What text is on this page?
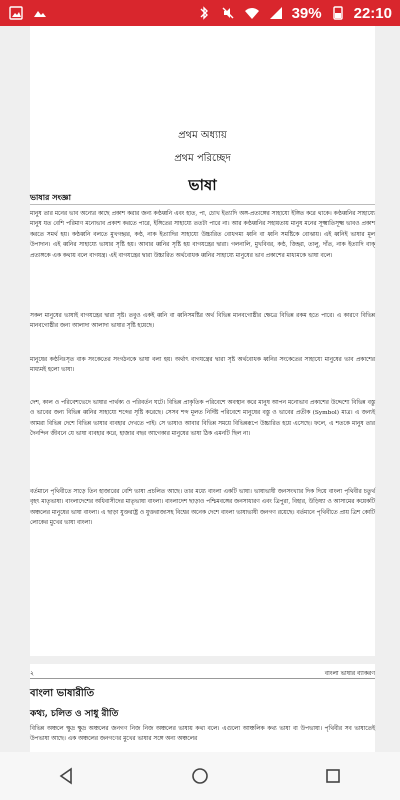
39% 22:10
প্রথম অধ্যায়
প্রথম পরিচ্ছেদ
ভাষা
ভাষার সংজ্ঞা
মানুষ তার মনের ভাব অন্যের কাছে প্রকাশ করার জন্য কণ্ঠধ্বনি এবং হাত, পা, চোখ ইত্যাদি অঙ্গ-প্রত্যঙ্গের সাহায্যে ইঙ্গিত করে থাকে। কণ্ঠধ্বনির সাহায্যে মানুষ যত বেশি পরিমাণ মনোভাব প্রকাশ করতে পারে, ইঙ্গিতের সাহায্যে ততটা পারে না। আর কণ্ঠধ্বনির সহায়তায় মানুষ মনের সূক্ষ্মাতিসূক্ষ্ম ভাবও প্রকাশ করতে সমর্থ হয়। কণ্ঠধ্বনি বলতে মুখগহ্বর, কণ্ঠ, নাক ইত্যাদির সাহায্যে উচ্চারিত বোধগম্য ধ্বনি বা ধ্বনি সমষ্টিকে বোঝায়। এই ধ্বনিই ভাষার মূল উপাদান। এই ধ্বনির সাহায্যে ভাষার সৃষ্টি হয়। আবার ধ্বনির সৃষ্টি হয় বাগযন্ত্রের দ্বারা। গলনালি, মুখবিবর, কণ্ঠ, জিহ্বা, তালু, দাঁত, নাক ইত্যাদি বাক্ প্রত্যঙ্গকে এক কথায় বলে বাগযন্ত্র। এই বাগযন্ত্রের দ্বারা উচ্চারিত অর্থবোধক ধ্বনির সাহায্যে মানুষের ভাব প্রকাশের মাধ্যমকে ভাষা বলে।
সকল মানুষের ভাষাই বাগযন্ত্রের দ্বারা সৃষ্ট। তবুও একই ধ্বনি বা ধ্বনিসমষ্টির অর্থ বিভিন্ন মানবগোষ্ঠীর ক্ষেত্রে বিভিন্ন রকম হতে পারে। এ কারণে বিভিন্ন মানবগোষ্ঠীর জন্য আলাদা আলাদা ভাষার সৃষ্টি হয়েছে।
মানুষের কণ্ঠনিঃসৃত বাক সংকেতের সংগঠনকে ভাষা বলা হয়। অর্থাৎ বাগযন্ত্রের দ্বারা সৃষ্ট অর্থবোধক ধ্বনির সংকেতের সাহায্যে মানুষের ভাব প্রকাশের মাধ্যমই হলো ভাষা।
দেশ, কাল ও পরিবেশভেদে ভাষার পার্থক্য ও পরিবর্তন ঘটে। বিভিন্ন প্রাকৃতিক পরিবেশে অবস্থান করে মানুষ আপন মনোভাব প্রকাশের উদ্দেশ্যে বিভিন্ন বস্তু ও ভাবের জন্য বিভিন্ন ধ্বনির সাহায্যে শব্দের সৃষ্টি করেছে। সেসব শব্দ মূলত নির্দিষ্ট পরিবেশে মানুষের বস্তু ও ভাবের প্রতীক (Symbol) মাত্র। এ জন্যই আমরা বিভিন্ন দেশে বিভিন্ন ভাষার ব্যবহার দেখতে পাই। সে ভাষাও আবার বিভিন্ন সময়ে বিভিন্নরূপে উচ্চারিত হয়ে এসেছে। ফলে, এ শতকে মানুষ তার দৈনন্দিন জীবনে যে ভাষা ব্যবহার করে, হাজার বছর আগেকার মানুষের ভাষা ঠিক এমনটি ছিল না।
বর্তমানে পৃথিবীতে সাড়ে তিন হাজারের বেশি ভাষা প্রচলিত আছে। তার মধ্যে বাংলা একটি ভাষা। ভাষাভাষী জনসংখ্যার দিক দিয়ে বাংলা পৃথিবীর চতুর্থ বৃহৎ মাতৃভাষা। বাংলাদেশের অধিবাসীদের মাতৃভাষা বাংলা। বাংলাদেশ ছাড়াও পশ্চিমবঙ্গের জনসাধারণ এবং ত্রিপুরা, বিহার, উড়িষ্যা ও আসামের কয়েকটি অঞ্চলের মানুষের ভাষা বাংলা। এ ছাড়া যুক্তরাষ্ট্র ও যুক্তরাজ্যসহ বিশ্বের অনেক দেশে বাংলা ভাষাভাষী জনগণ রয়েছে। বর্তমানে পৃথিবীতে প্রায় ত্রিশ কোটি লোকের মুখের ভাষা বাংলা।
২	বাংলা ভাষার ব্যাকরণ
বাংলা ভাষারীতি
কথ্য, চলিত ও সাধু রীতি
বিভিন্ন অঞ্চলে ক্ষুদ্র ক্ষুদ্র অঞ্চলের জনগণ নিজ নিজ অঞ্চলের ভাষায় কথা বলে। এগুলো আঞ্চলিক কথ্য ভাষা বা উপভাষা। পৃথিবীর সব ভাষাতেই উপভাষা আছে। এক অঞ্চলের জনগণের মুখের ভাষার সঙ্গে অন্য অঞ্চলের
